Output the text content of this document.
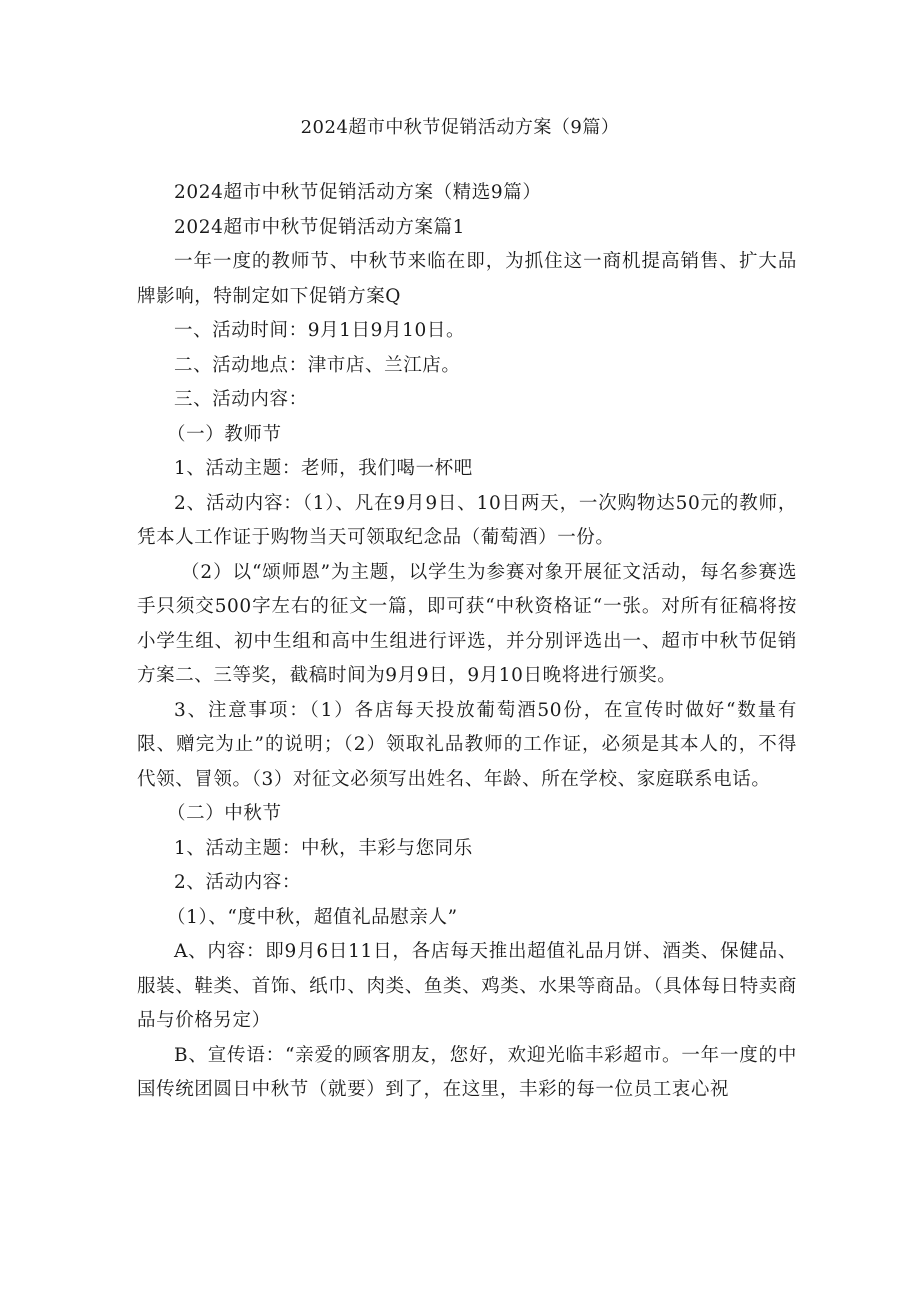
2024超市中秋节促销活动方案（9篇）

2024超市中秋节促销活动方案（精选9篇）

2024超市中秋节促销活动方案篇1

一年一度的教师节、中秋节来临在即，为抓住这一商机提高销售、扩大品牌影响，特制定如下促销方案Q

一、活动时间：9月1日9月10日。

二、活动地点：津市店、兰江店。

三、活动内容：

（一）教师节

1、活动主题：老师，我们喝一杯吧

2、活动内容：（1）、凡在9月9日、10日两天，一次购物达50元的教师，凭本人工作证于购物当天可领取纪念品（葡萄酒）一份。

（2）以“颂师恩”为主题，以学生为参赛对象开展征文活动，每名参赛选手只须交500字左右的征文一篇，即可获“中秋资格证“一张。对所有征稿将按小学生组、初中生组和高中生组进行评选，并分别评选出一、超市中秋节促销方案二、三等奖，截稿时间为9月9日，9月10日晚将进行颁奖。

3、注意事项：（1）各店每天投放葡萄酒50份，在宣传时做好“数量有限、赠完为止”的说明；（2）领取礼品教师的工作证，必须是其本人的，不得代领、冒领。（3）对征文必须写出姓名、年龄、所在学校、家庭联系电话。

（二）中秋节

1、活动主题：中秋，丰彩与您同乐

2、活动内容：

（1）、“度中秋，超值礼品慰亲人”

A、内容：即9月6日11日，各店每天推出超值礼品月饼、酒类、保健品、服装、鞋类、首饰、纸巾、肉类、鱼类、鸡类、水果等商品。（具体每日特卖商品与价格另定）

B、宣传语：“亲爱的顾客朋友，您好，欢迎光临丰彩超市。一年一度的中国传统团圆日中秋节（就要）到了，在这里，丰彩的每一位员工衷心祝
